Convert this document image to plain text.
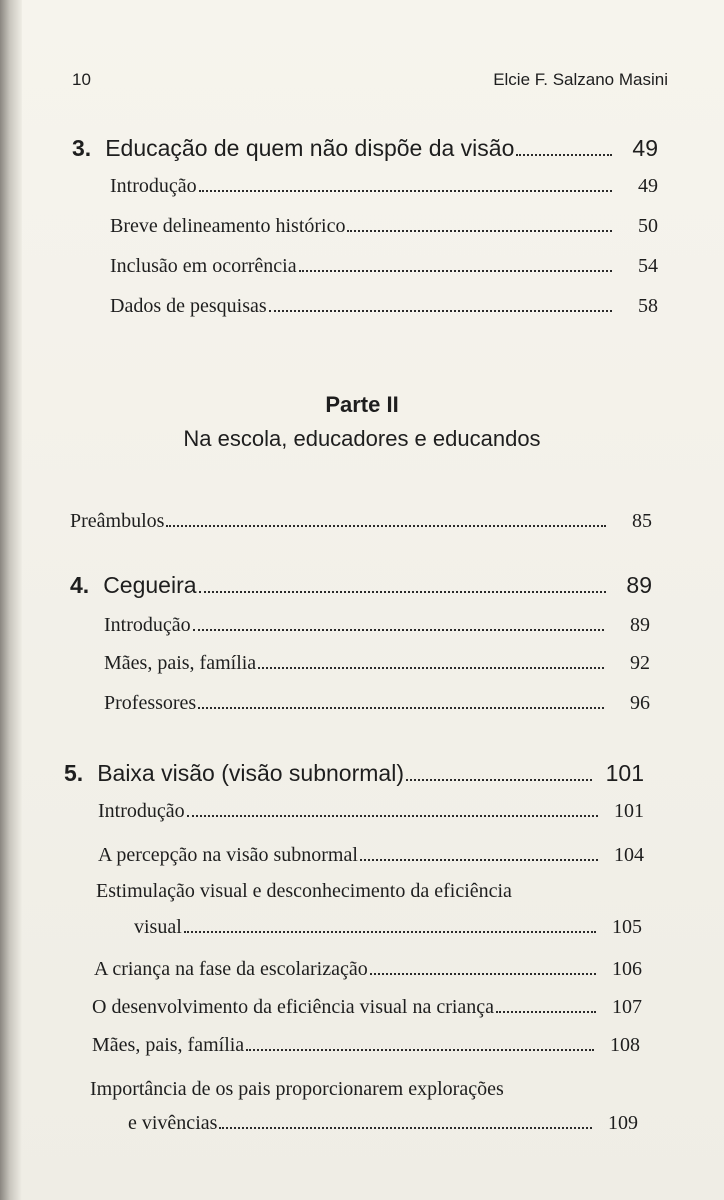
10	Elcie F. Salzano Masini
3. Educação de quem não dispõe da visão	49
Introdução	49
Breve delineamento histórico	50
Inclusão em ocorrência	54
Dados de pesquisas	58
Parte II
Na escola, educadores e educandos
Preâmbulos	85
4. Cegueira	89
Introdução	89
Mães, pais, família	92
Professores	96
5. Baixa visão (visão subnormal)	101
Introdução	101
A percepção na visão subnormal	104
Estimulação visual e desconhecimento da eficiência
visual	105
A criança na fase da escolarização	106
O desenvolvimento da eficiência visual na criança	107
Mães, pais, família	108
Importância de os pais proporcionarem explorações
e vivências	109
